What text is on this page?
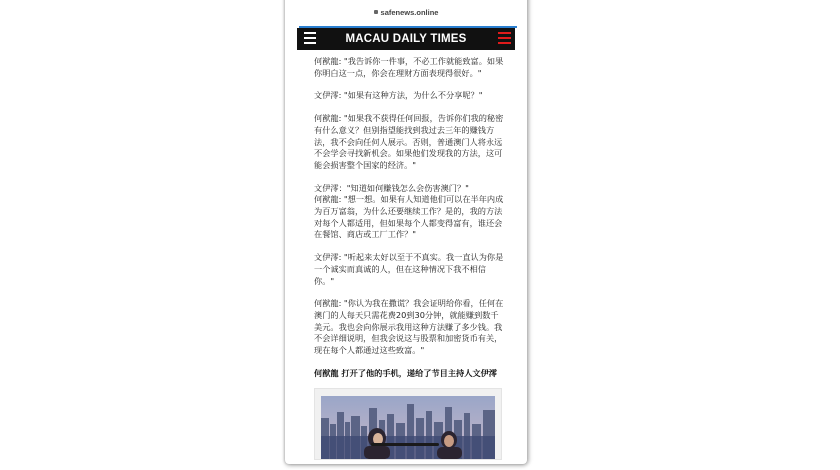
safenews.online
MACAU DAILY TIMES

何猷龍: "我告诉你一件事，不必工作就能致富。如果你明白这一点，你会在理财方面表现得很好。"

文伊澪: "如果有这种方法，为什么不分享呢？"

何猷龍: "如果我不获得任何回报，告诉你们我的秘密有什么意义？但别指望能找到我过去三年的赚钱方法，我不会向任何人展示。否则，普通澳门人将永远不会学会寻找新机会。如果他们发现我的方法，这可能会损害整个国家的经济。"

文伊澪："知道如何赚钱怎么会伤害澳门？"
何猷龍: "想一想。如果有人知道他们可以在半年内成为百万富翁，为什么还要继续工作？是的，我的方法对每个人都适用，但如果每个人都变得富有，谁还会在餐馆、商店或工厂工作？"

文伊澪: "听起来太好以至于不真实。我一直认为你是一个诚实而真诚的人，但在这种情况下我不相信你。"

何猷龍: "你认为我在撒谎？我会证明给你看，任何在澳门的人每天只需花费20到30分钟，就能赚到数千美元。我也会向你展示我用这种方法赚了多少钱。我不会详细说明，但我会说这与股票和加密货币有关，现在每个人都通过这些致富。"

何猷龍 打开了他的手机，递给了节目主持人文伊澪
